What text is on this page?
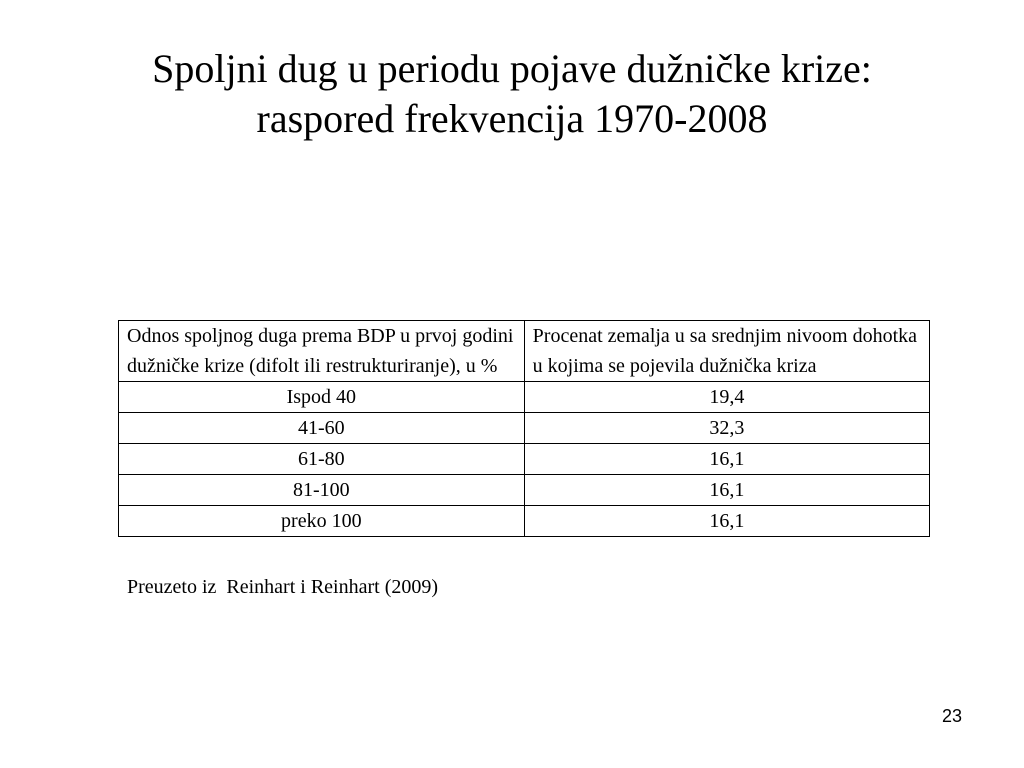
Spoljni dug u periodu pojave dužničke krize:
raspored frekvencija 1970-2008
Odnos spoljnog duga prema BDP u prvoj godini dužničke krize (difolt ili restrukturiranje), u %	Procenat zemalja u sa srednjim nivoom dohotka u kojima se pojevila dužnička kriza
Ispod 40	19,4
41-60	32,3
61-80	16,1
81-100	16,1
preko 100	16,1
Preuzeto iz  Reinhart i Reinhart (2009)
23
